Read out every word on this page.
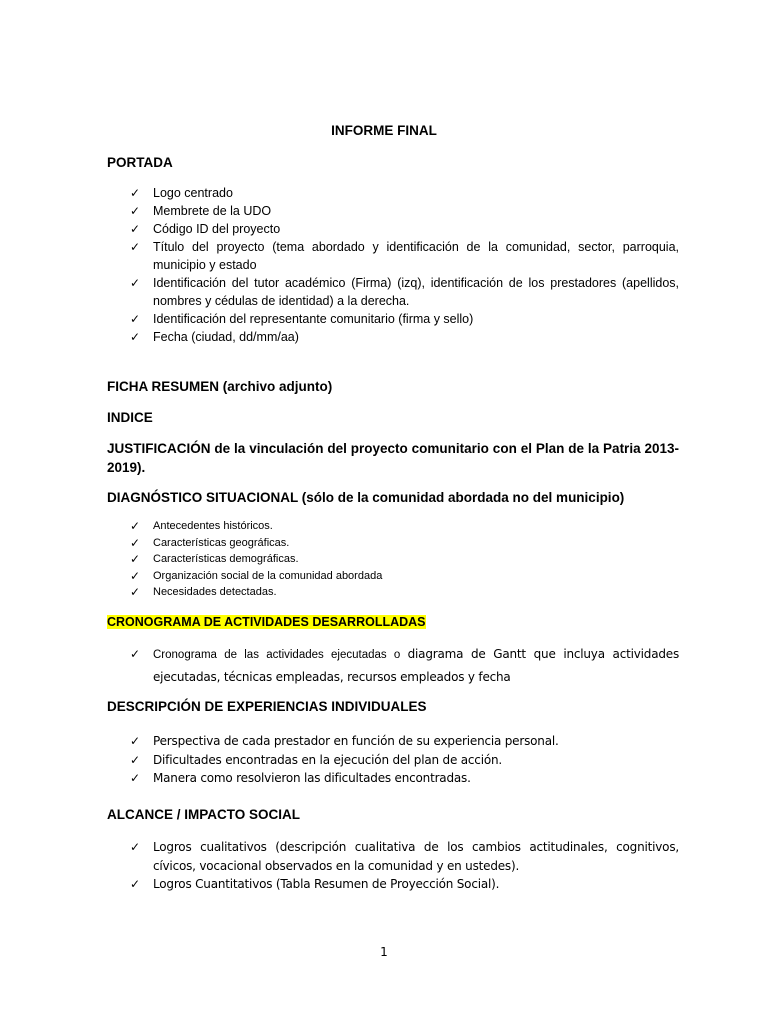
INFORME FINAL
PORTADA
✓ Logo centrado
✓ Membrete de la UDO
✓ Código ID del proyecto
✓ Título del proyecto (tema abordado y identificación de la comunidad, sector, parroquia, municipio y estado
✓ Identificación del tutor académico (Firma) (izq), identificación de los prestadores (apellidos, nombres y cédulas de identidad) a la derecha.
✓ Identificación del representante comunitario (firma y sello)
✓ Fecha (ciudad, dd/mm/aa)
FICHA RESUMEN (archivo adjunto)
INDICE
JUSTIFICACIÓN de la vinculación del proyecto comunitario con el Plan de la Patria 2013-2019).
DIAGNÓSTICO SITUACIONAL (sólo de la comunidad abordada no del municipio)
✓ Antecedentes históricos.
✓ Características geográficas.
✓ Características demográficas.
✓ Organización social de la comunidad abordada
✓ Necesidades detectadas.
CRONOGRAMA DE ACTIVIDADES DESARROLLADAS
✓ Cronograma de las actividades ejecutadas o diagrama de Gantt que incluya actividades ejecutadas, técnicas empleadas, recursos empleados y fecha
DESCRIPCIÓN DE EXPERIENCIAS INDIVIDUALES
✓ Perspectiva de cada prestador en función de su experiencia personal.
✓ Dificultades encontradas en la ejecución del plan de acción.
✓ Manera como resolvieron las dificultades encontradas.
ALCANCE / IMPACTO SOCIAL
✓ Logros cualitativos (descripción cualitativa de los cambios actitudinales, cognitivos, cívicos, vocacional observados en la comunidad y en ustedes).
✓ Logros Cuantitativos (Tabla Resumen de Proyección Social).
1
